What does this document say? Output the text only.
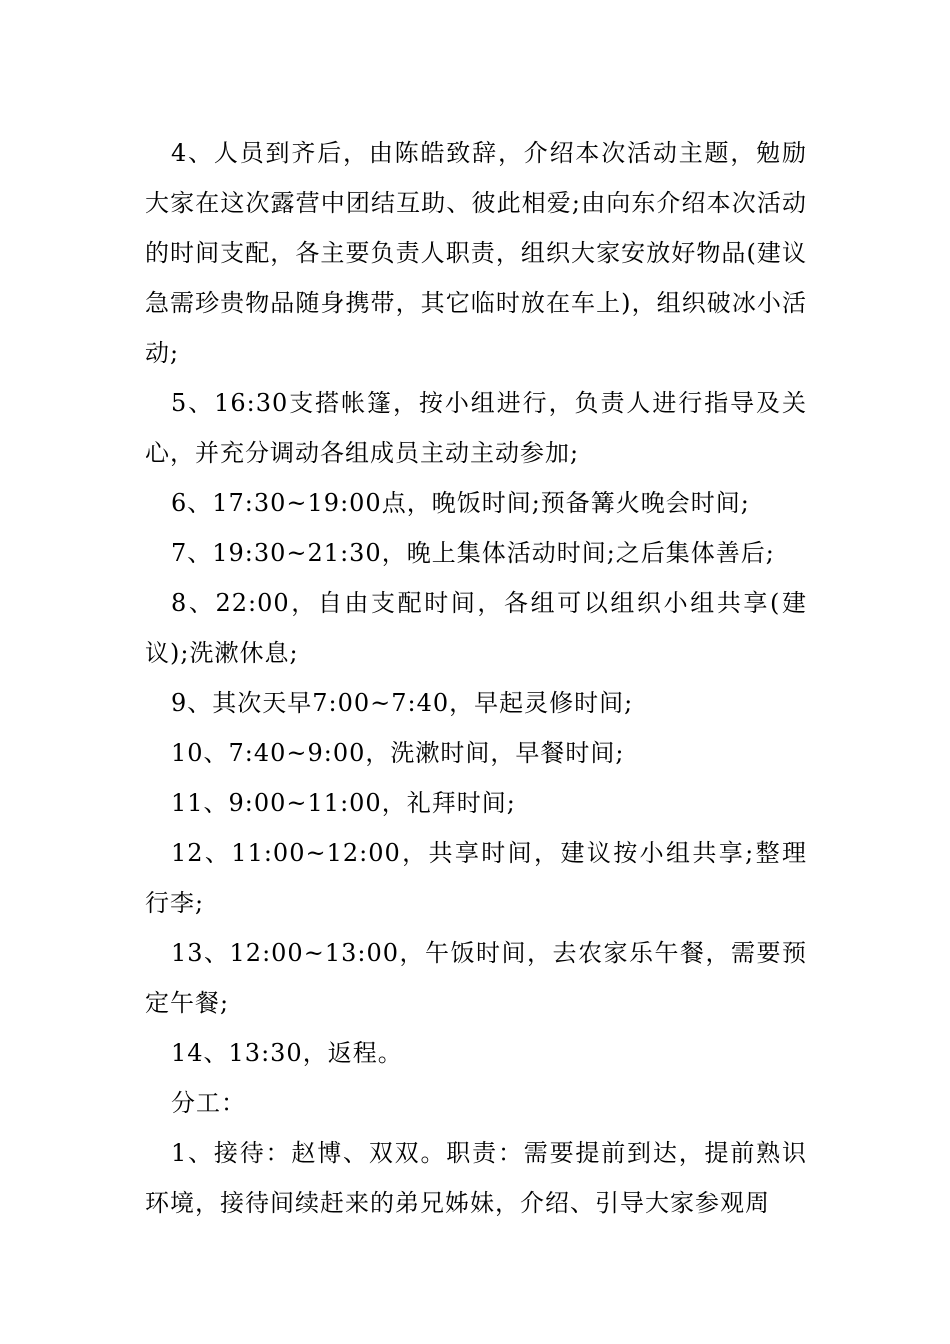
4、人员到齐后，由陈皓致辞，介绍本次活动主题，勉励大家在这次露营中团结互助、彼此相爱;由向东介绍本次活动的时间支配，各主要负责人职责，组织大家安放好物品(建议急需珍贵物品随身携带，其它临时放在车上)，组织破冰小活动;

5、16:30支搭帐篷，按小组进行，负责人进行指导及关心，并充分调动各组成员主动主动参加;

6、17:30~19:00点，晚饭时间;预备篝火晚会时间;

7、19:30~21:30，晚上集体活动时间;之后集体善后;

8、22:00，自由支配时间，各组可以组织小组共享(建议);洗漱休息;

9、其次天早7:00~7:40，早起灵修时间;

10、7:40~9:00，洗漱时间，早餐时间;

11、9:00~11:00，礼拜时间;

12、11:00~12:00，共享时间，建议按小组共享;整理行李;

13、12:00~13:00，午饭时间，去农家乐午餐，需要预定午餐;

14、13:30，返程。

分工：

1、接待：赵博、双双。职责：需要提前到达，提前熟识环境，接待间续赶来的弟兄姊妹，介绍、引导大家参观周
